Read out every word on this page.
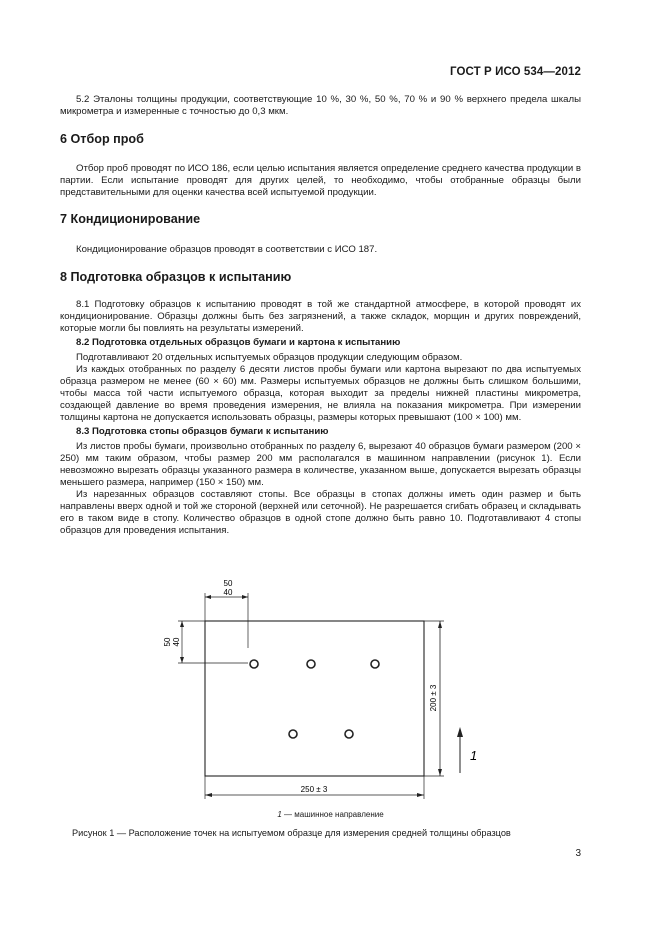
ГОСТ Р ИСО 534—2012

5.2 Эталоны толщины продукции, соответствующие 10 %, 30 %, 50 %, 70 % и 90 % верхнего предела шкалы микрометра и измеренные с точностью до 0,3 мкм.

6 Отбор проб

Отбор проб проводят по ИСО 186, если целью испытания является определение среднего качества продукции в партии. Если испытание проводят для других целей, то необходимо, чтобы отобранные образцы были представительными для оценки качества всей испытуемой продукции.

7 Кондиционирование

Кондиционирование образцов проводят в соответствии с ИСО 187.

8 Подготовка образцов к испытанию

8.1 Подготовку образцов к испытанию проводят в той же стандартной атмосфере, в которой проводят их кондиционирование. Образцы должны быть без загрязнений, а также складок, морщин и других повреждений, которые могли бы повлиять на результаты измерений.

8.2 Подготовка отдельных образцов бумаги и картона к испытанию

Подготавливают 20 отдельных испытуемых образцов продукции следующим образом.

Из каждых отобранных по разделу 6 десяти листов пробы бумаги или картона вырезают по два испытуемых образца размером не менее (60 × 60) мм. Размеры испытуемых образцов не должны быть слишком большими, чтобы масса той части испытуемого образца, которая выходит за пределы нижней пластины микрометра, создающей давление во время проведения измерения, не влияла на показания микрометра. При измерении толщины картона не допускается использовать образцы, размеры которых превышают (100 × 100) мм.

8.3 Подготовка стопы образцов бумаги к испытанию

Из листов пробы бумаги, произвольно отобранных по разделу 6, вырезают 40 образцов бумаги размером (200 × 250) мм таким образом, чтобы размер 200 мм располагался в машинном направлении (рисунок 1). Если невозможно вырезать образцы указанного размера в количестве, указанном выше, допускается вырезать образцы меньшего размера, например (150 × 150) мм.

Из нарезанных образцов составляют стопы. Все образцы в стопах должны иметь один размер и быть направлены вверх одной и той же стороной (верхней или сеточной). Не разрешается сгибать образец и складывать его в таком виде в стопу. Количество образцов в одной стопе должно быть равно 10. Подготавливают 4 стопы образцов для проведения испытания.

50
40
50 40
200 ± 3
1
250 ± 3
1 — машинное направление
Рисунок 1 — Расположение точек на испытуемом образце для измерения средней толщины образцов
3
